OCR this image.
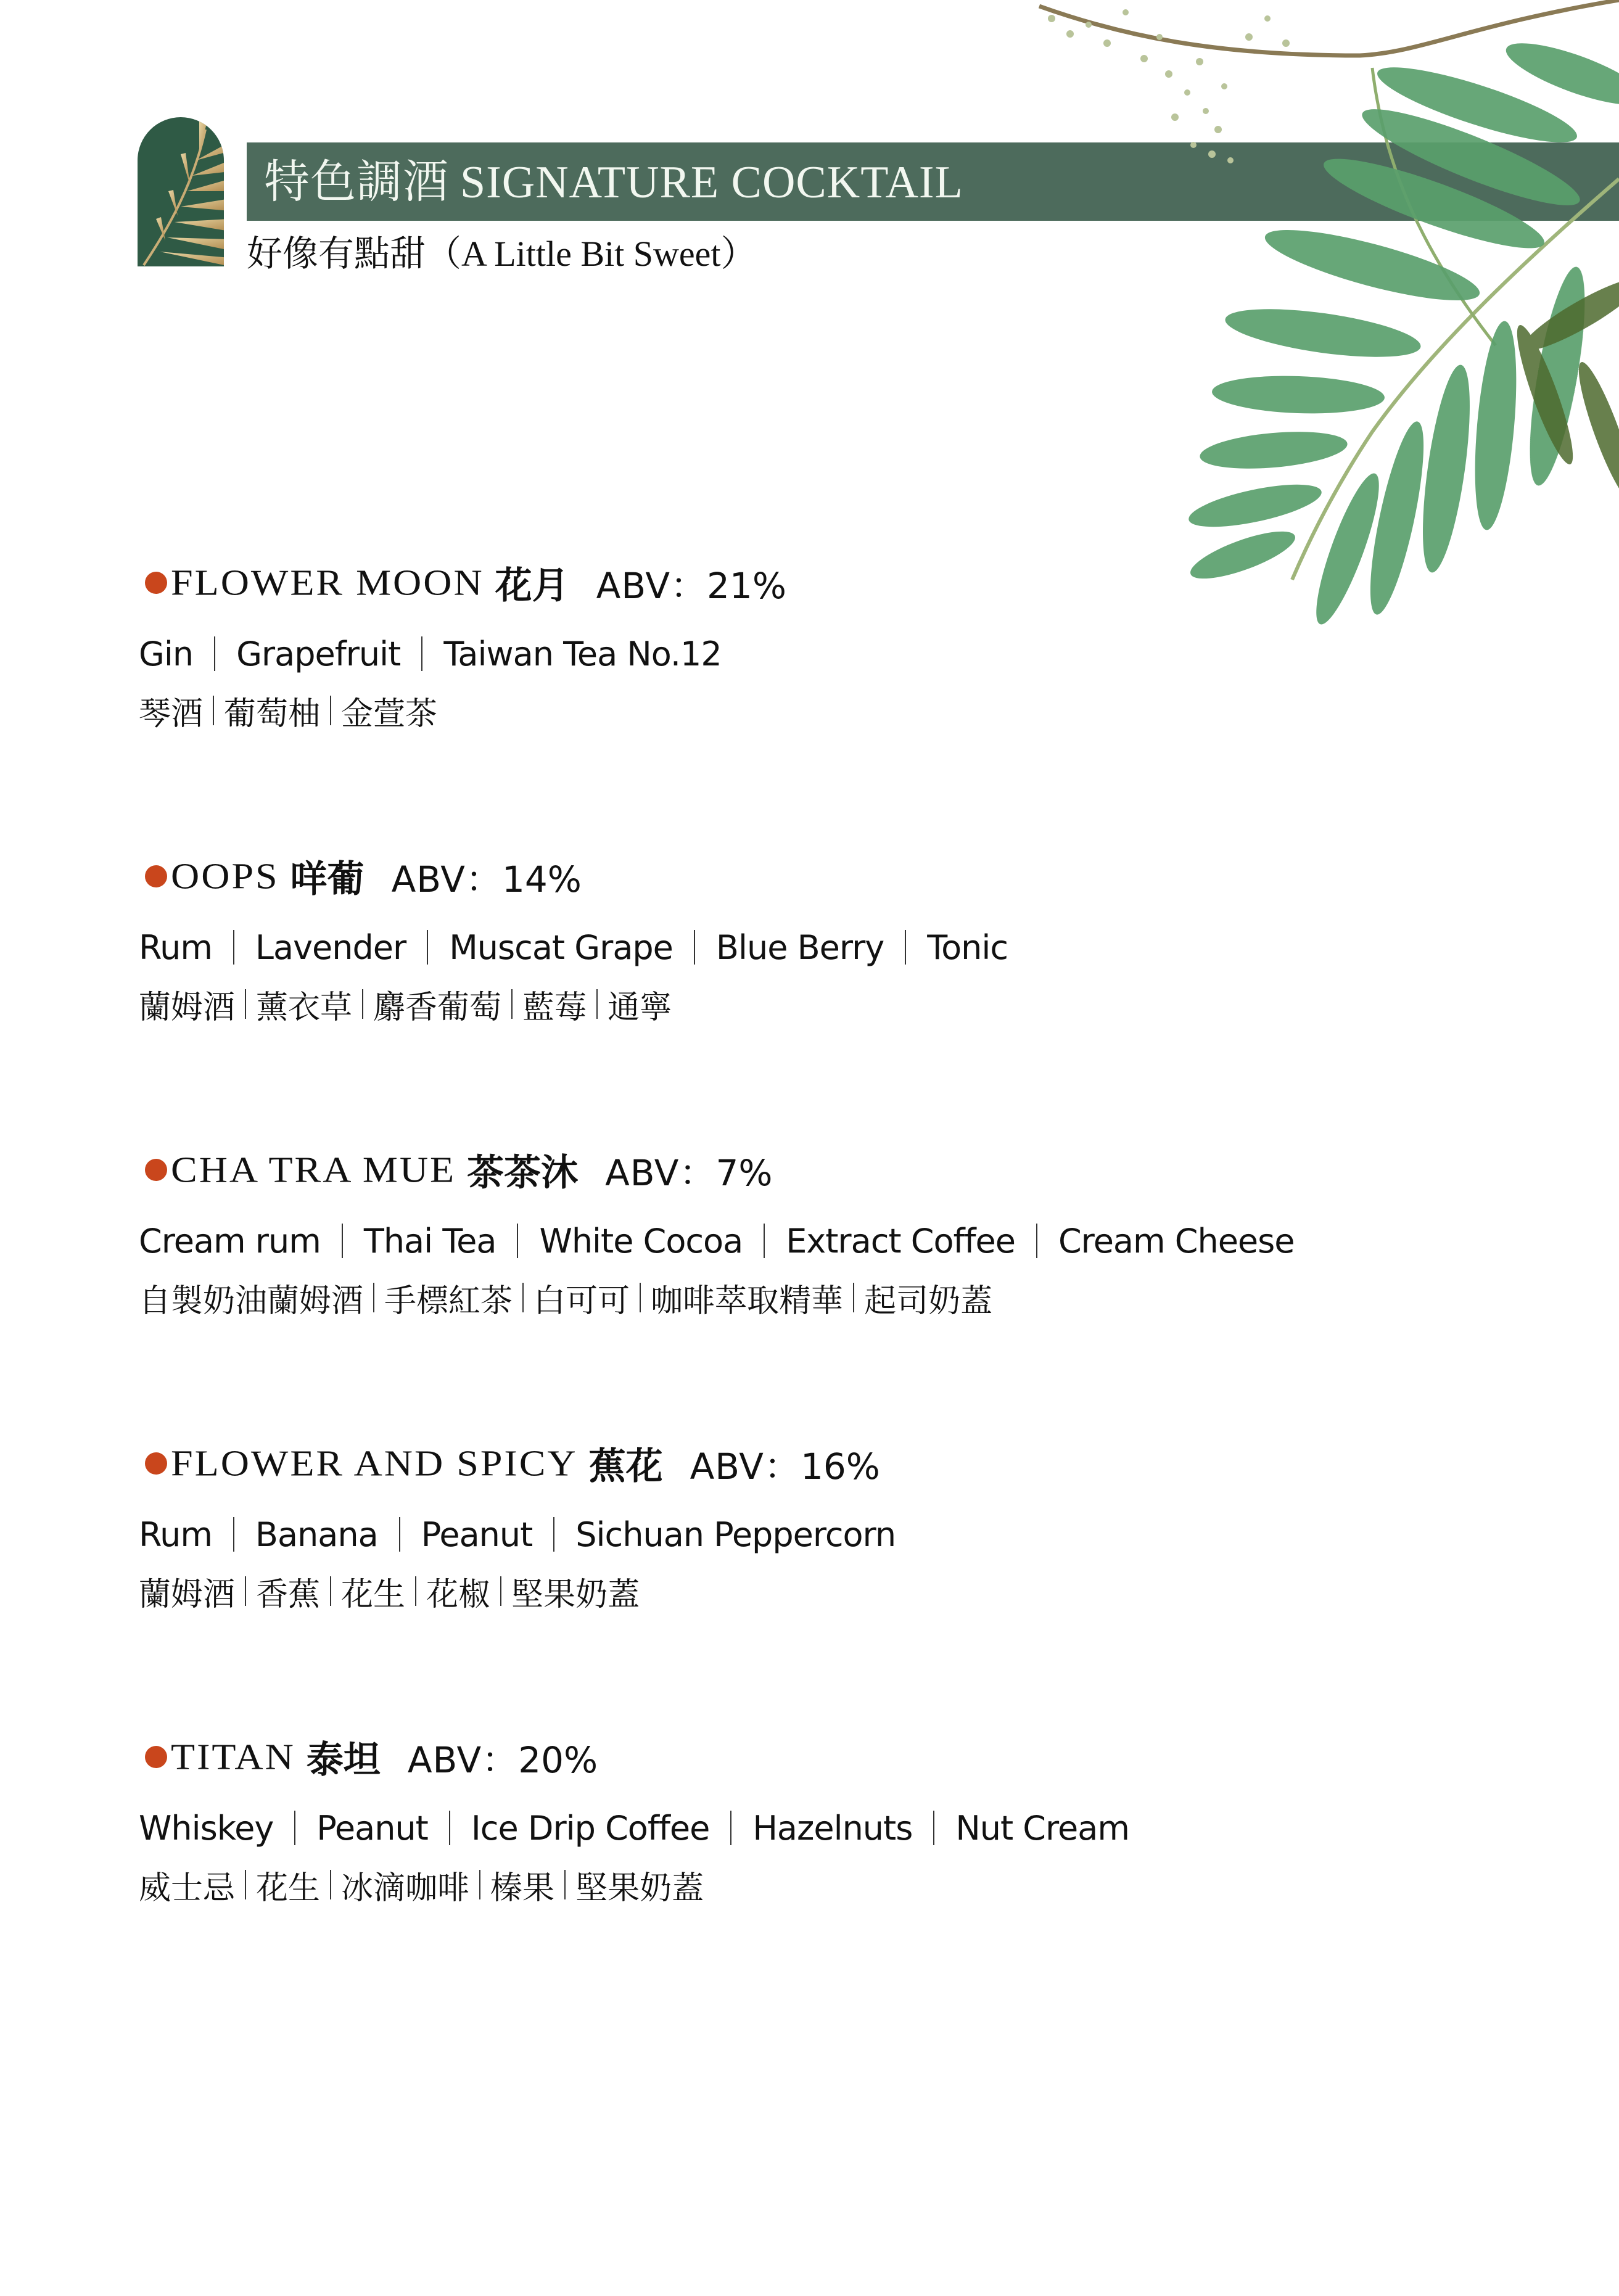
特色調酒 SIGNATURE COCKTAIL
好像有點甜（A Little Bit Sweet）
FLOWER MOON 花月 ABV：21%
Gin Grapefruit Taiwan Tea No.12
琴酒 葡萄柚 金萱茶
OOPS 咩葡 ABV：14%
Rum Lavender Muscat Grape Blue Berry Tonic
蘭姆酒 薰衣草 麝香葡萄 藍莓 通寧
CHA TRA MUE 茶茶沐 ABV：7%
Cream rum Thai Tea White Cocoa Extract Coffee Cream Cheese
自製奶油蘭姆酒 手標紅茶 白可可 咖啡萃取精華 起司奶蓋
FLOWER AND SPICY 蕉花 ABV：16%
Rum Banana Peanut Sichuan Peppercorn
蘭姆酒 香蕉 花生 花椒 堅果奶蓋
TITAN 泰坦 ABV：20%
Whiskey Peanut Ice Drip Coffee Hazelnuts Nut Cream
威士忌 花生 冰滴咖啡 榛果 堅果奶蓋
